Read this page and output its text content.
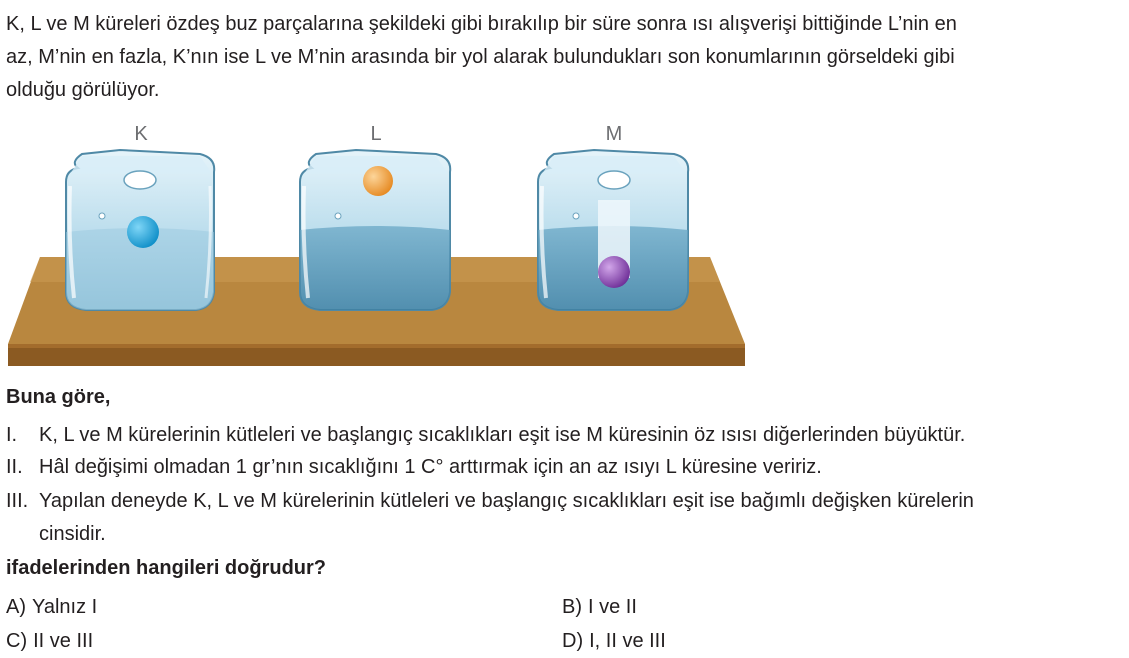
K, L ve M küreleri özdeş buz parçalarına şekildeki gibi bırakılıp bir süre sonra ısı alışverişi bittiğinde L’nin en
az, M’nin en fazla, K’nın ise L ve M’nin arasında bir yol alarak bulundukları son konumlarının görseldeki gibi
olduğu görülüyor.
K	L	M
Buna göre,
I. K, L ve M kürelerinin kütleleri ve başlangıç sıcaklıkları eşit ise M küresinin öz ısısı diğerlerinden büyüktür.
II. Hâl değişimi olmadan 1 gr’nın sıcaklığını 1 C° arttırmak için an az ısıyı L küresine veririz.
III. Yapılan deneyde K, L ve M kürelerinin kütleleri ve başlangıç sıcaklıkları eşit ise bağımlı değişken kürelerin
cinsidir.
ifadelerinden hangileri doğrudur?
A) Yalnız I	B) I ve II
C) II ve III	D) I, II ve III
